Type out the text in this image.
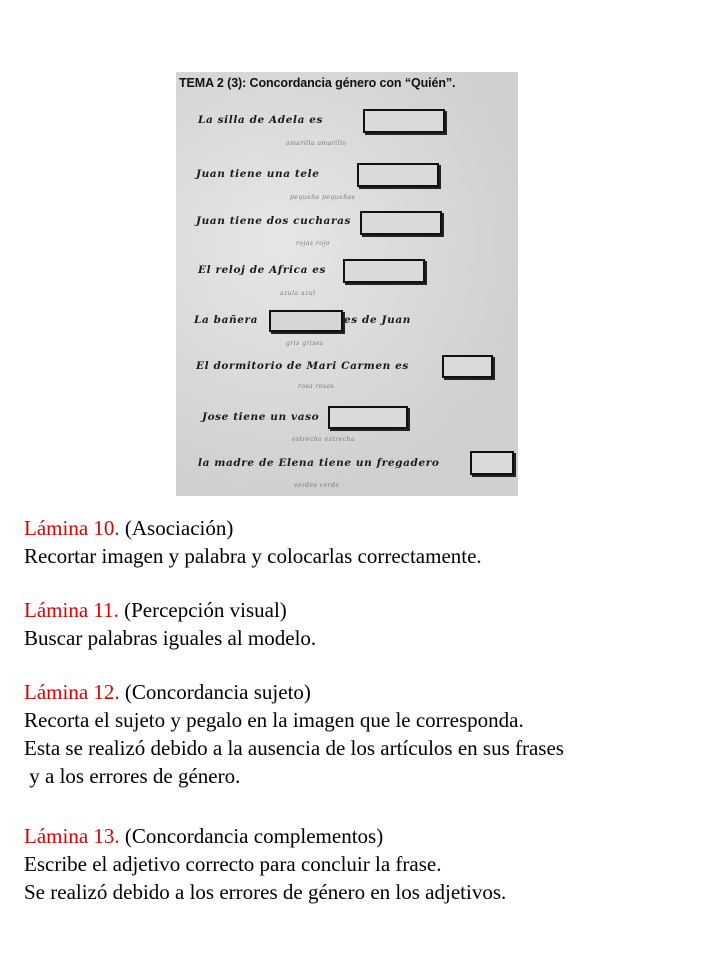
TEMA 2 (3): Concordancia género con “Quién”.
La silla de Adela es
amarilla amarillo
Juan tiene una tele
pequeña pequeñas
Juan tiene dos cucharas
rojas rojo
El reloj de Africa es
azula azul
La bañera	es de Juan
gris grises
El dormitorio de Mari Carmen es
rosa rosas
Jose tiene un vaso
estrecho estrecha
la madre de Elena tiene un fregadero
verdes verde
Lámina 10. (Asociación)
Recortar imagen y palabra y colocarlas correctamente.
Lámina 11. (Percepción visual)
Buscar palabras iguales al modelo.
Lámina 12. (Concordancia sujeto)
Recorta el sujeto y pegalo en la imagen que le corresponda.
Esta se realizó debido a la ausencia de los artículos en sus frases
y a los errores de género.
Lámina 13. (Concordancia complementos)
Escribe el adjetivo correcto para concluir la frase.
Se realizó debido a los errores de género en los adjetivos.
